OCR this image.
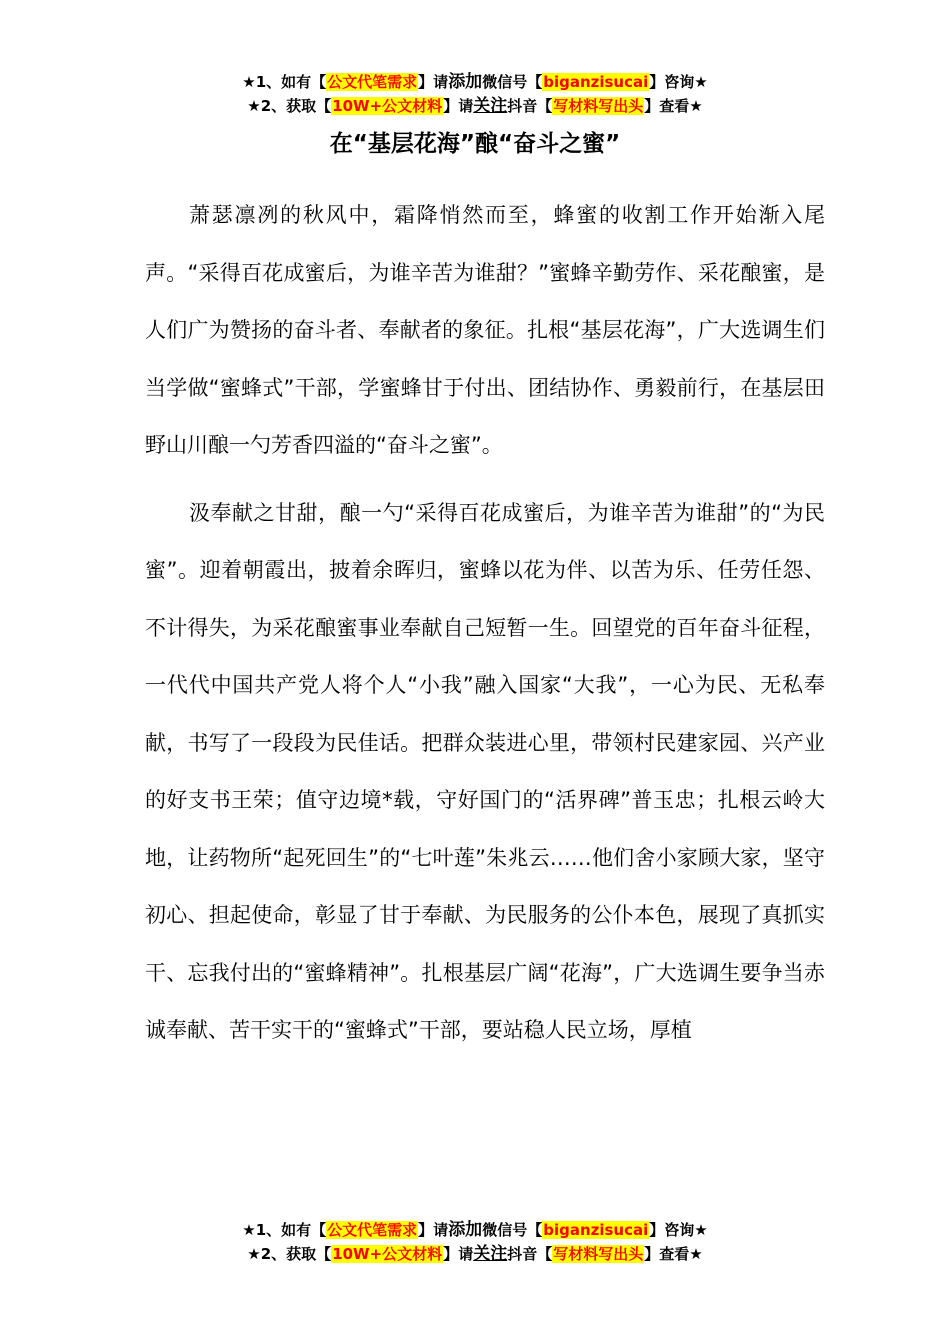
★1、如有【公文代笔需求】请添加微信号【biganzisucai】咨询★
★2、获取【10W+公文材料】请关注抖音【写材料写出头】查看★
在“基层花海”酿“奋斗之蜜”

萧瑟凛冽的秋风中，霜降悄然而至，蜂蜜的收割工作开始渐入尾声。“采得百花成蜜后，为谁辛苦为谁甜？”蜜蜂辛勤劳作、采花酿蜜，是人们广为赞扬的奋斗者、奉献者的象征。扎根“基层花海”，广大选调生们当学做“蜜蜂式”干部，学蜜蜂甘于付出、团结协作、勇毅前行，在基层田野山川酿一勺芳香四溢的“奋斗之蜜”。

汲奉献之甘甜，酿一勺“采得百花成蜜后，为谁辛苦为谁甜”的“为民蜜”。迎着朝霞出，披着余晖归，蜜蜂以花为伴、以苦为乐、任劳任怨、不计得失，为采花酿蜜事业奉献自己短暂一生。回望党的百年奋斗征程，一代代中国共产党人将个人“小我”融入国家“大我”，一心为民、无私奉献，书写了一段段为民佳话。把群众装进心里，带领村民建家园、兴产业的好支书王荣；值守边境*载，守好国门的“活界碑”普玉忠；扎根云岭大地，让药物所“起死回生”的“七叶莲”朱兆云……他们舍小家顾大家，坚守初心、担起使命，彰显了甘于奉献、为民服务的公仆本色，展现了真抓实干、忘我付出的“蜜蜂精神”。扎根基层广阔“花海”，广大选调生要争当赤诚奉献、苦干实干的“蜜蜂式”干部，要站稳人民立场，厚植

★1、如有【公文代笔需求】请添加微信号【biganzisucai】咨询★
★2、获取【10W+公文材料】请关注抖音【写材料写出头】查看★
